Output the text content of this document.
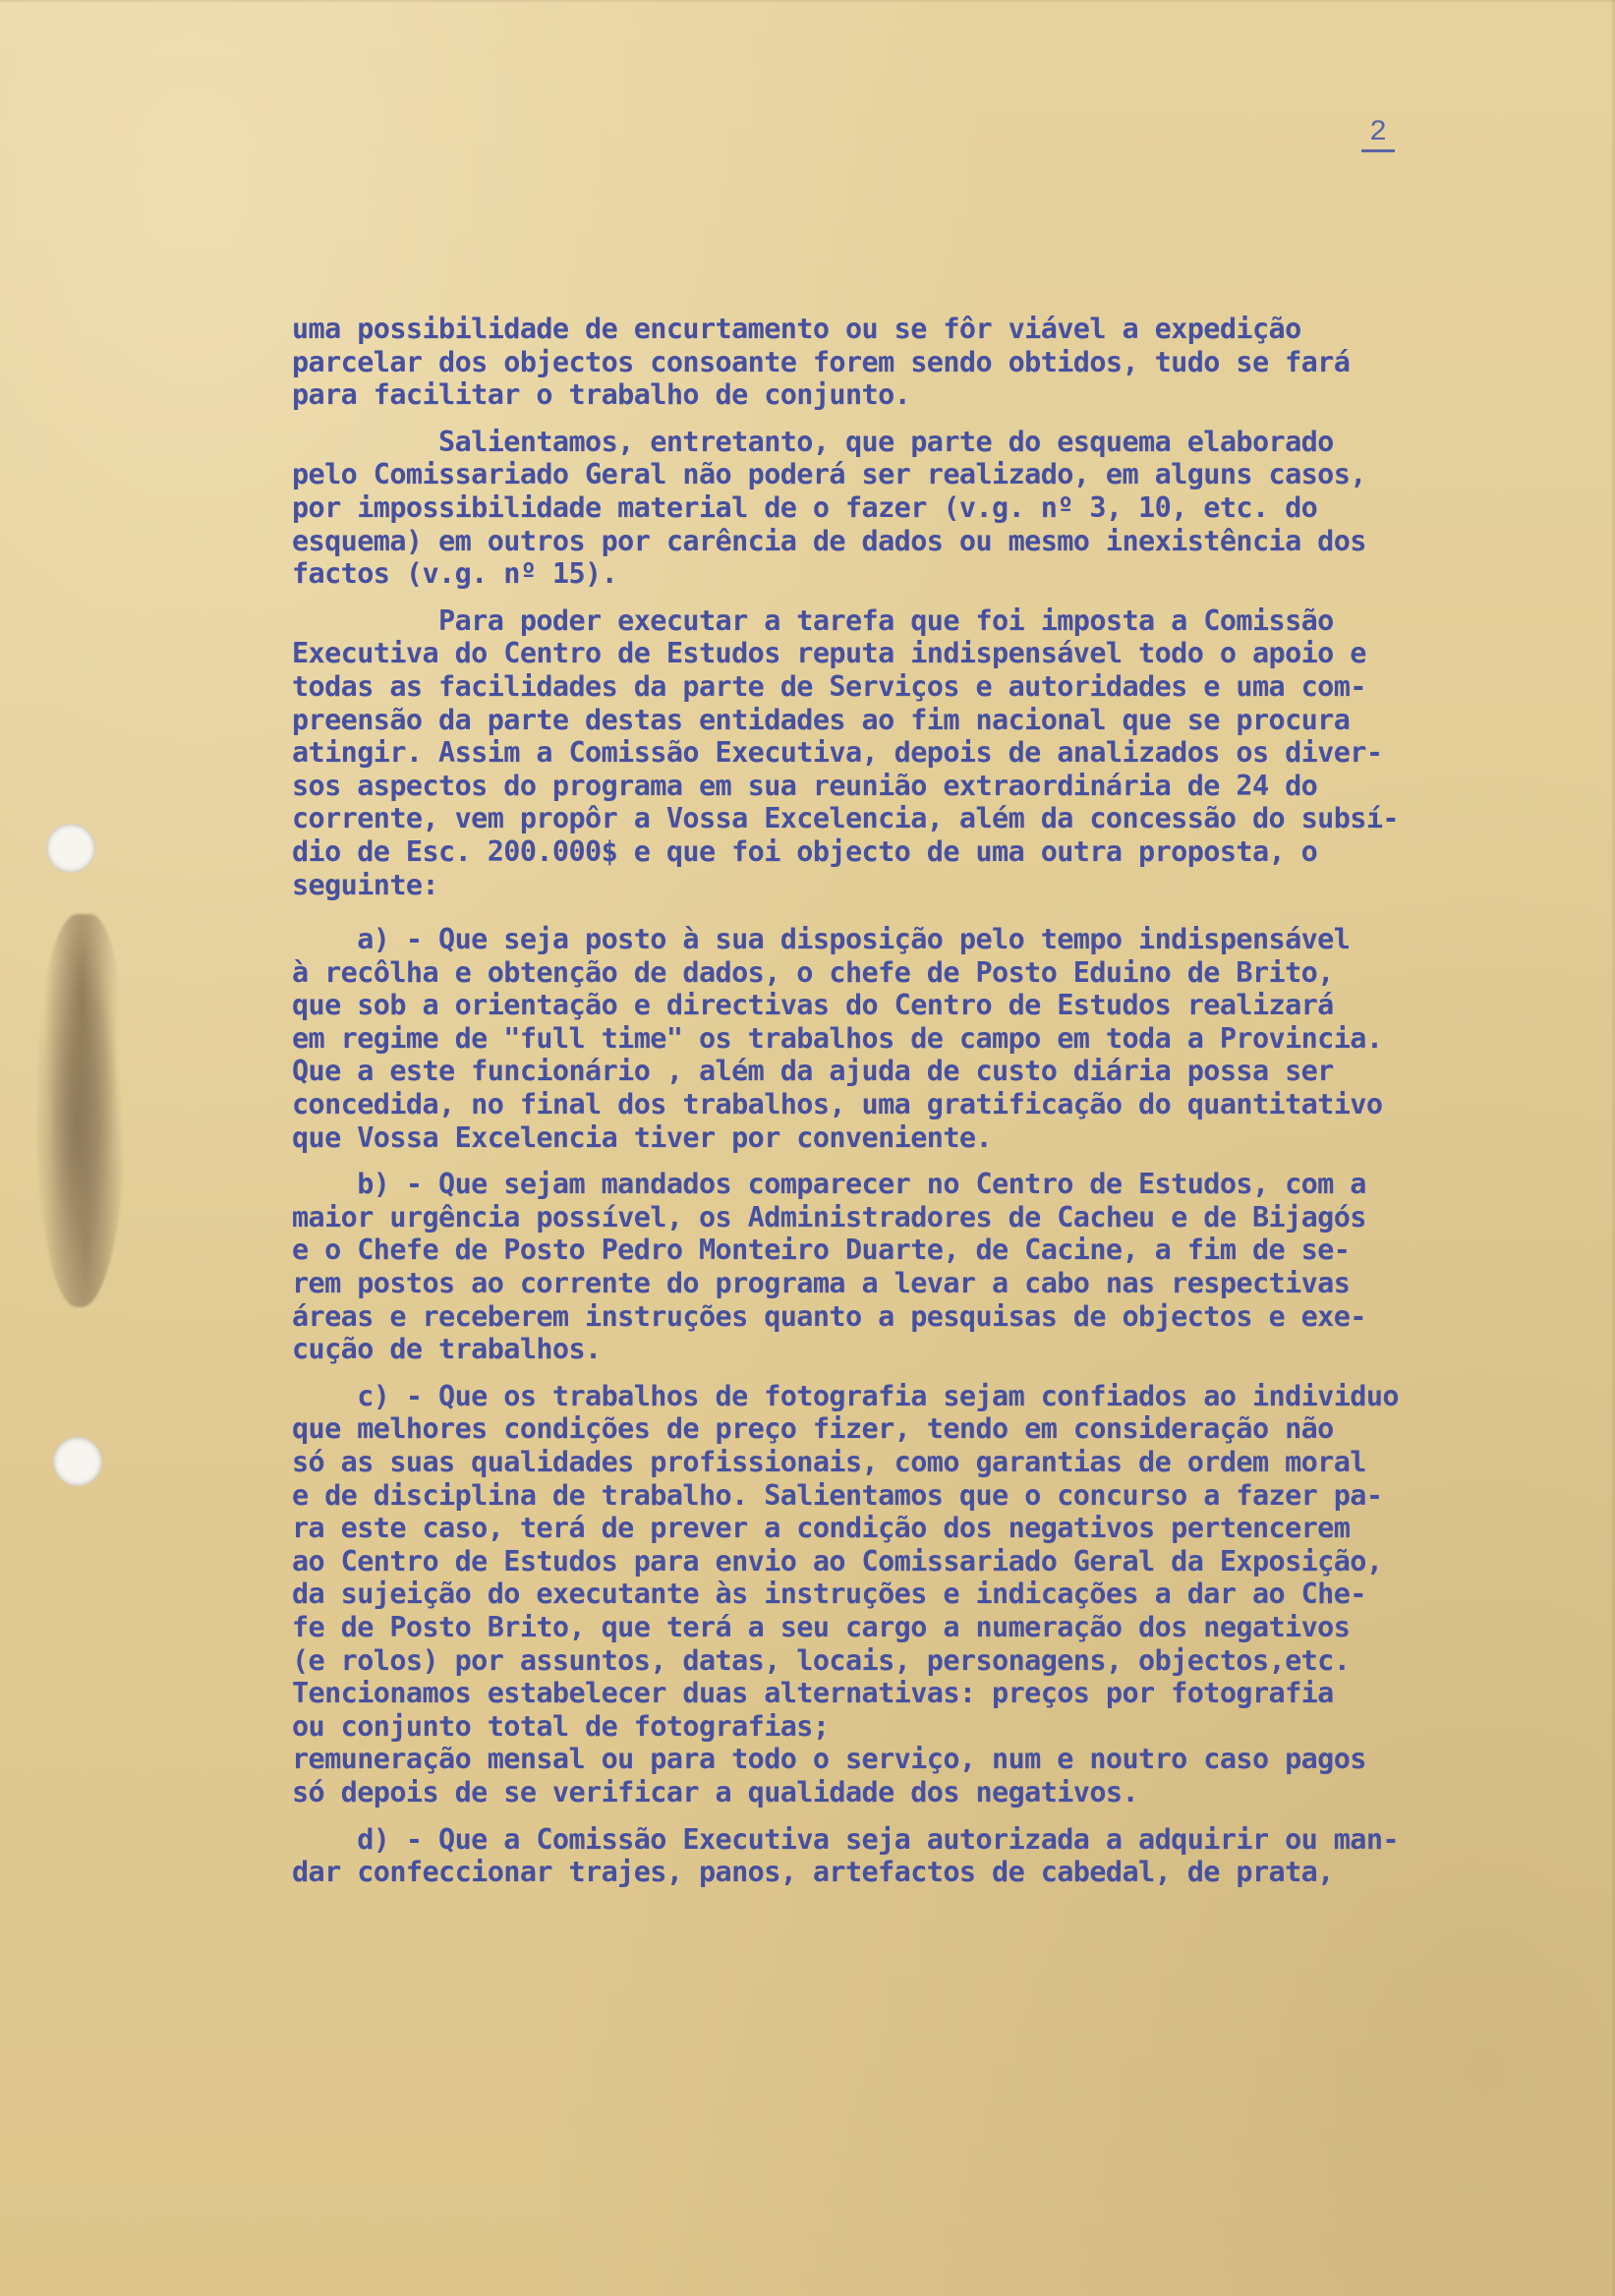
2
uma possibilidade de encurtamento ou se fôr viável a expedição
parcelar dos objectos consoante forem sendo obtidos, tudo se fará
para facilitar o trabalho de conjunto.
Salientamos, entretanto, que parte do esquema elaborado
pelo Comissariado Geral não poderá ser realizado, em alguns casos,
por impossibilidade material de o fazer (v.g. nº 3, 10, etc. do
esquema) em outros por carência de dados ou mesmo inexistência dos
factos (v.g. nº 15).
Para poder executar a tarefa que foi imposta a Comissão
Executiva do Centro de Estudos reputa indispensável todo o apoio e
todas as facilidades da parte de Serviços e autoridades e uma com-
preensão da parte destas entidades ao fim nacional que se procura
atingir. Assim a Comissão Executiva, depois de analizados os diver-
sos aspectos do programa em sua reunião extraordinária de 24 do
corrente, vem propôr a Vossa Excelencia, além da concessão do subsí-
dio de Esc. 200.000$ e que foi objecto de uma outra proposta, o
seguinte:
a) - Que seja posto à sua disposição pelo tempo indispensável
à recôlha e obtenção de dados, o chefe de Posto Eduino de Brito,
que sob a orientação e directivas do Centro de Estudos realizará
em regime de "full time" os trabalhos de campo em toda a Provincia.
Que a este funcionário , além da ajuda de custo diária possa ser
concedida, no final dos trabalhos, uma gratificação do quantitativo
que Vossa Excelencia tiver por conveniente.
b) - Que sejam mandados comparecer no Centro de Estudos, com a
maior urgência possível, os Administradores de Cacheu e de Bijagós
e o Chefe de Posto Pedro Monteiro Duarte, de Cacine, a fim de se-
rem postos ao corrente do programa a levar a cabo nas respectivas
áreas e receberem instruções quanto a pesquisas de objectos e exe-
cução de trabalhos.
c) - Que os trabalhos de fotografia sejam confiados ao individuo
que melhores condições de preço fizer, tendo em consideração não
só as suas qualidades profissionais, como garantias de ordem moral
e de disciplina de trabalho. Salientamos que o concurso a fazer pa-
ra este caso, terá de prever a condição dos negativos pertencerem
ao Centro de Estudos para envio ao Comissariado Geral da Exposição,
da sujeição do executante às instruções e indicações a dar ao Che-
fe de Posto Brito, que terá a seu cargo a numeração dos negativos
(e rolos) por assuntos, datas, locais, personagens, objectos,etc.
Tencionamos estabelecer duas alternativas: preços por fotografia
ou conjunto total de fotografias;
remuneração mensal ou para todo o serviço, num e noutro caso pagos
só depois de se verificar a qualidade dos negativos.
d) - Que a Comissão Executiva seja autorizada a adquirir ou man-
dar confeccionar trajes, panos, artefactos de cabedal, de prata,
